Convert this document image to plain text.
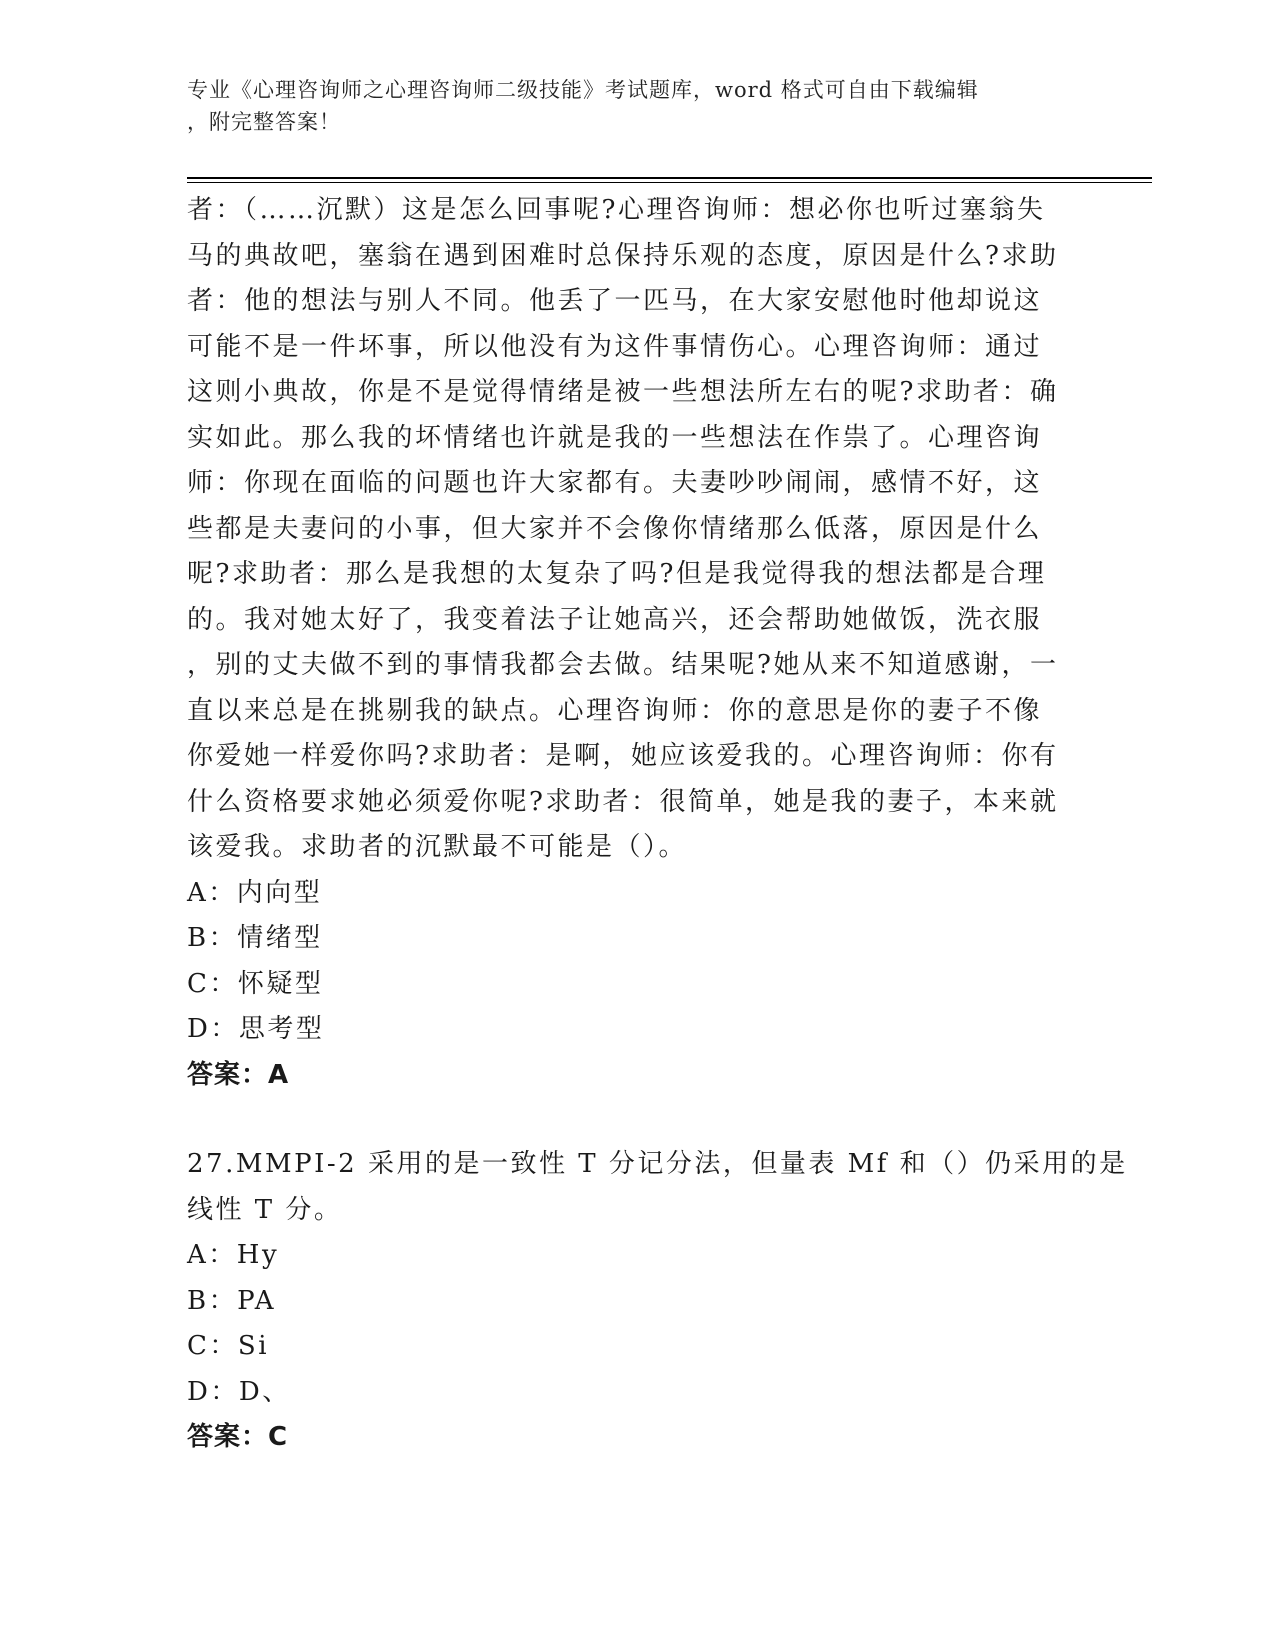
专业《心理咨询师之心理咨询师二级技能》考试题库，word 格式可自由下载编辑
，附完整答案！
者：（……沉默）这是怎么回事呢?心理咨询师：想必你也听过塞翁失
马的典故吧，塞翁在遇到困难时总保持乐观的态度，原因是什么?求助
者：他的想法与别人不同。他丢了一匹马，在大家安慰他时他却说这
可能不是一件坏事，所以他没有为这件事情伤心。心理咨询师：通过
这则小典故，你是不是觉得情绪是被一些想法所左右的呢?求助者：确
实如此。那么我的坏情绪也许就是我的一些想法在作祟了。心理咨询
师：你现在面临的问题也许大家都有。夫妻吵吵闹闹，感情不好，这
些都是夫妻问的小事，但大家并不会像你情绪那么低落，原因是什么
呢?求助者：那么是我想的太复杂了吗?但是我觉得我的想法都是合理
的。我对她太好了，我变着法子让她高兴，还会帮助她做饭，洗衣服
，别的丈夫做不到的事情我都会去做。结果呢?她从来不知道感谢，一
直以来总是在挑剔我的缺点。心理咨询师：你的意思是你的妻子不像
你爱她一样爱你吗?求助者：是啊，她应该爱我的。心理咨询师：你有
什么资格要求她必须爱你呢?求助者：很简单，她是我的妻子，本来就
该爱我。求助者的沉默最不可能是（）。
A：内向型
B：情绪型
C：怀疑型
D：思考型
答案：A
27.MMPI-2 采用的是一致性 T 分记分法，但量表 Mf 和（）仍采用的是
线性 T 分。
A：Hy
B：PA
C：Si
D：D、
答案：C
